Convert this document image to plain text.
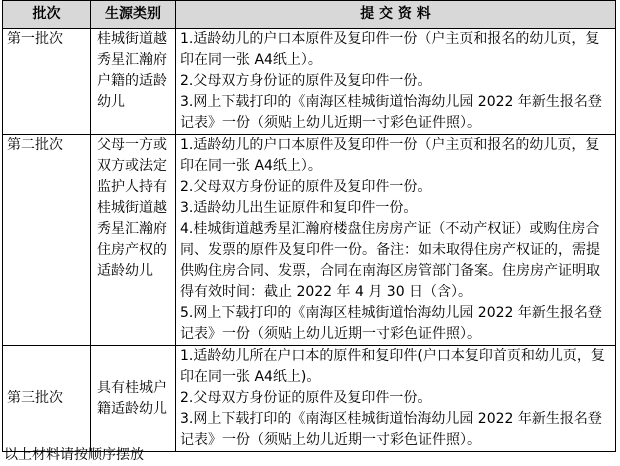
批次	生源类别	提 交 资 料
第一批次	桂城街道越秀星汇瀚府户籍的适龄幼儿	1.适龄幼儿的户口本原件及复印件一份（户主页和报名的幼儿页，复印在同一张 A4纸上）。
2.父母双方身份证的原件及复印件一份。
3.网上下载打印的《南海区桂城街道怡海幼儿园 2022 年新生报名登记表》一份（须贴上幼儿近期一寸彩色证件照）。

第二批次	父母一方或双方或法定监护人持有桂城街道越秀星汇瀚府住房产权的适龄幼儿	1.适龄幼儿的户口本原件及复印件一份（户主页和报名的幼儿页，复印在同一张 A4纸上）。
2.父母双方身份证的原件及复印件一份。
3.适龄幼儿出生证原件和复印件一份。
4.桂城街道越秀星汇瀚府楼盘住房房产证（不动产权证）或购住房合同、发票的原件及复印件一份。备注：如未取得住房产权证的，需提供购住房合同、发票，合同在南海区房管部门备案。住房房产证明取得有效时间：截止 2022 年 4 月 30 日（含）。
5.网上下载打印的《南海区桂城街道怡海幼儿园 2022 年新生报名登记表》一份（须贴上幼儿近期一寸彩色证件照）。

第三批次	具有桂城户籍适龄幼儿	1.适龄幼儿所在户口本的原件和复印件(户口本复印首页和幼儿页，复印在同一张 A4纸上)。
2.父母双方身份证的原件及复印件一份。
3.网上下载打印的《南海区桂城街道怡海幼儿园 2022 年新生报名登记表》一份（须贴上幼儿近期一寸彩色证件照）。
以上材料请按顺序摆放
